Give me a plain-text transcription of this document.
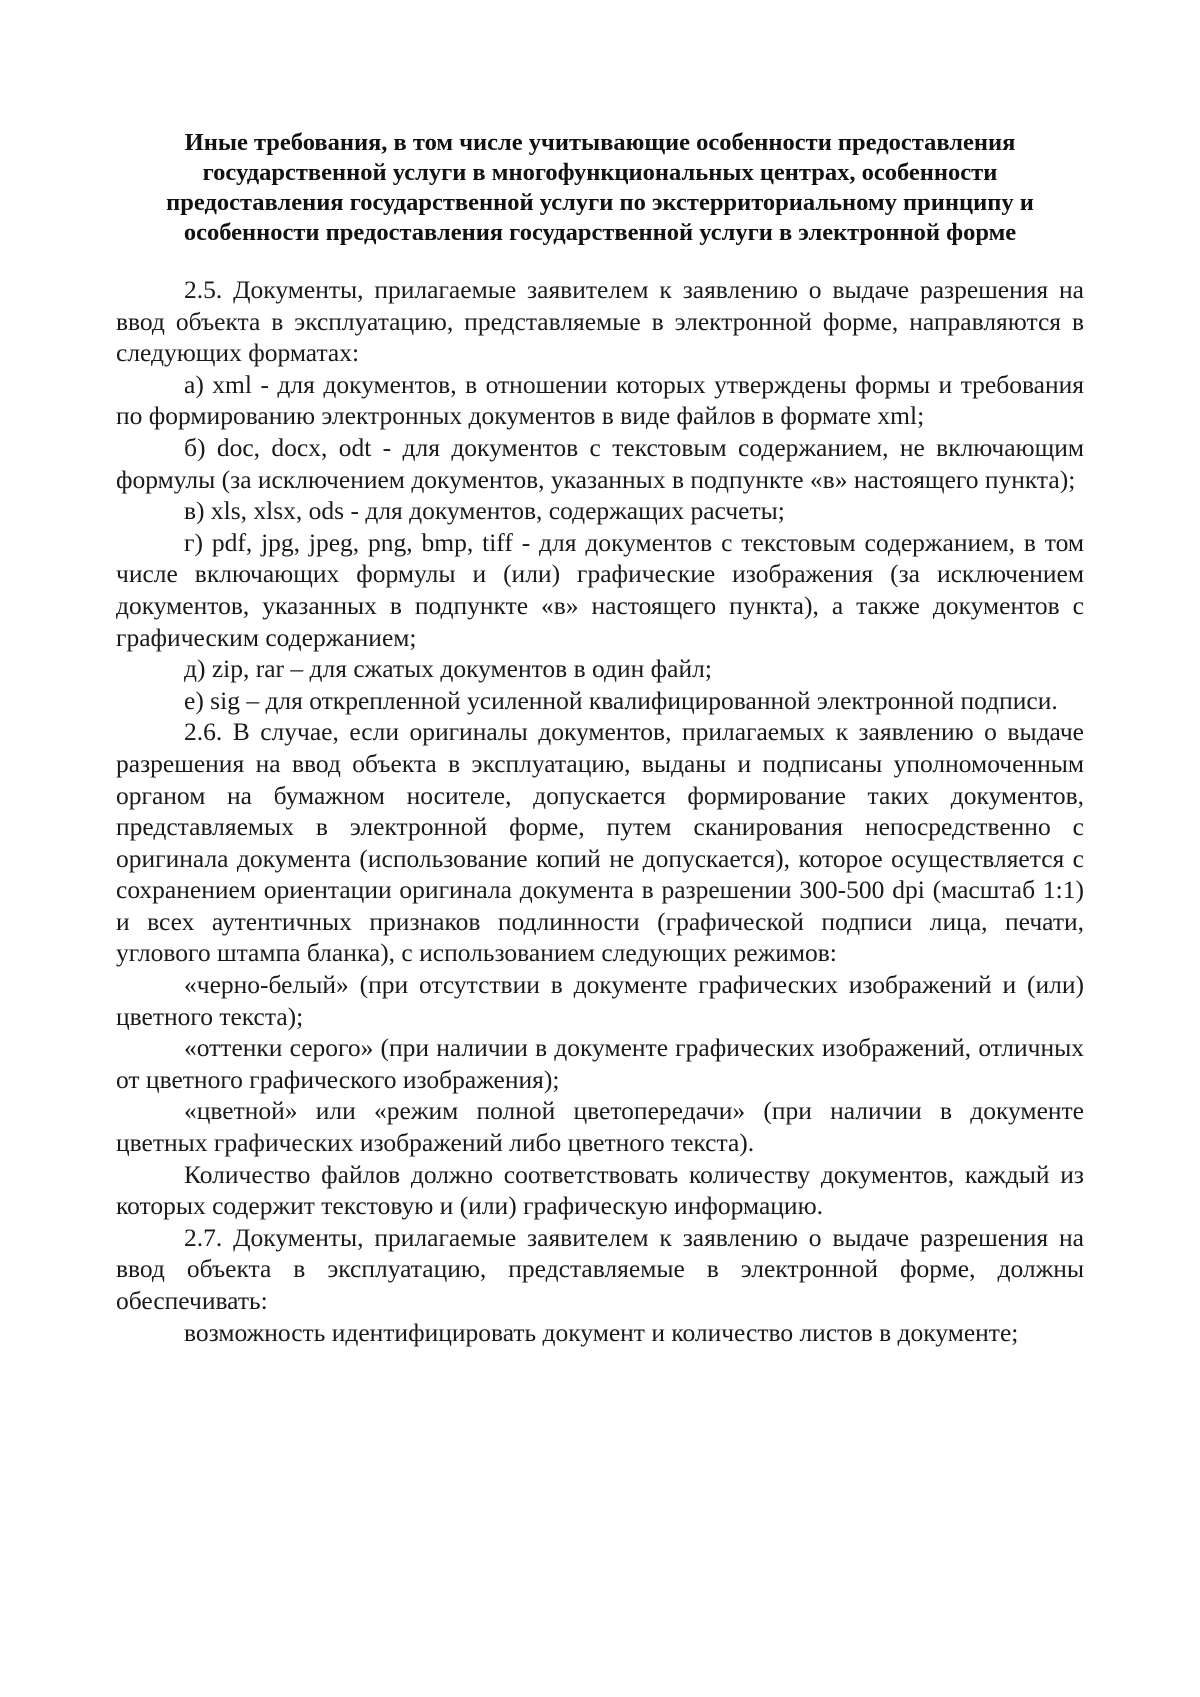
Иные требования, в том числе учитывающие особенности предоставления государственной услуги в многофункциональных центрах, особенности предоставления государственной услуги по экстерриториальному принципу и особенности предоставления государственной услуги в электронной форме

2.5. Документы, прилагаемые заявителем к заявлению о выдаче разрешения на ввод объекта в эксплуатацию, представляемые в электронной форме, направляются в следующих форматах:

а) xml - для документов, в отношении которых утверждены формы и требования по формированию электронных документов в виде файлов в формате xml;

б) doc, docx, odt - для документов с текстовым содержанием, не включающим формулы (за исключением документов, указанных в подпункте «в» настоящего пункта);

в) xls, xlsx, ods - для документов, содержащих расчеты;

г) pdf, jpg, jpeg, png, bmp, tiff - для документов с текстовым содержанием, в том числе включающих формулы и (или) графические изображения (за исключением документов, указанных в подпункте «в» настоящего пункта), а также документов с графическим содержанием;

д) zip, rar – для сжатых документов в один файл;

е) sig – для открепленной усиленной квалифицированной электронной подписи.

2.6. В случае, если оригиналы документов, прилагаемых к заявлению о выдаче разрешения на ввод объекта в эксплуатацию, выданы и подписаны уполномоченным органом на бумажном носителе, допускается формирование таких документов, представляемых в электронной форме, путем сканирования непосредственно с оригинала документа (использование копий не допускается), которое осуществляется с сохранением ориентации оригинала документа в разрешении 300-500 dpi (масштаб 1:1) и всех аутентичных признаков подлинности (графической подписи лица, печати, углового штампа бланка), с использованием следующих режимов:

«черно-белый» (при отсутствии в документе графических изображений и (или) цветного текста);

«оттенки серого» (при наличии в документе графических изображений, отличных от цветного графического изображения);

«цветной» или «режим полной цветопередачи» (при наличии в документе цветных графических изображений либо цветного текста).

Количество файлов должно соответствовать количеству документов, каждый из которых содержит текстовую и (или) графическую информацию.

2.7. Документы, прилагаемые заявителем к заявлению о выдаче разрешения на ввод объекта в эксплуатацию, представляемые в электронной форме, должны обеспечивать:

возможность идентифицировать документ и количество листов в документе;
